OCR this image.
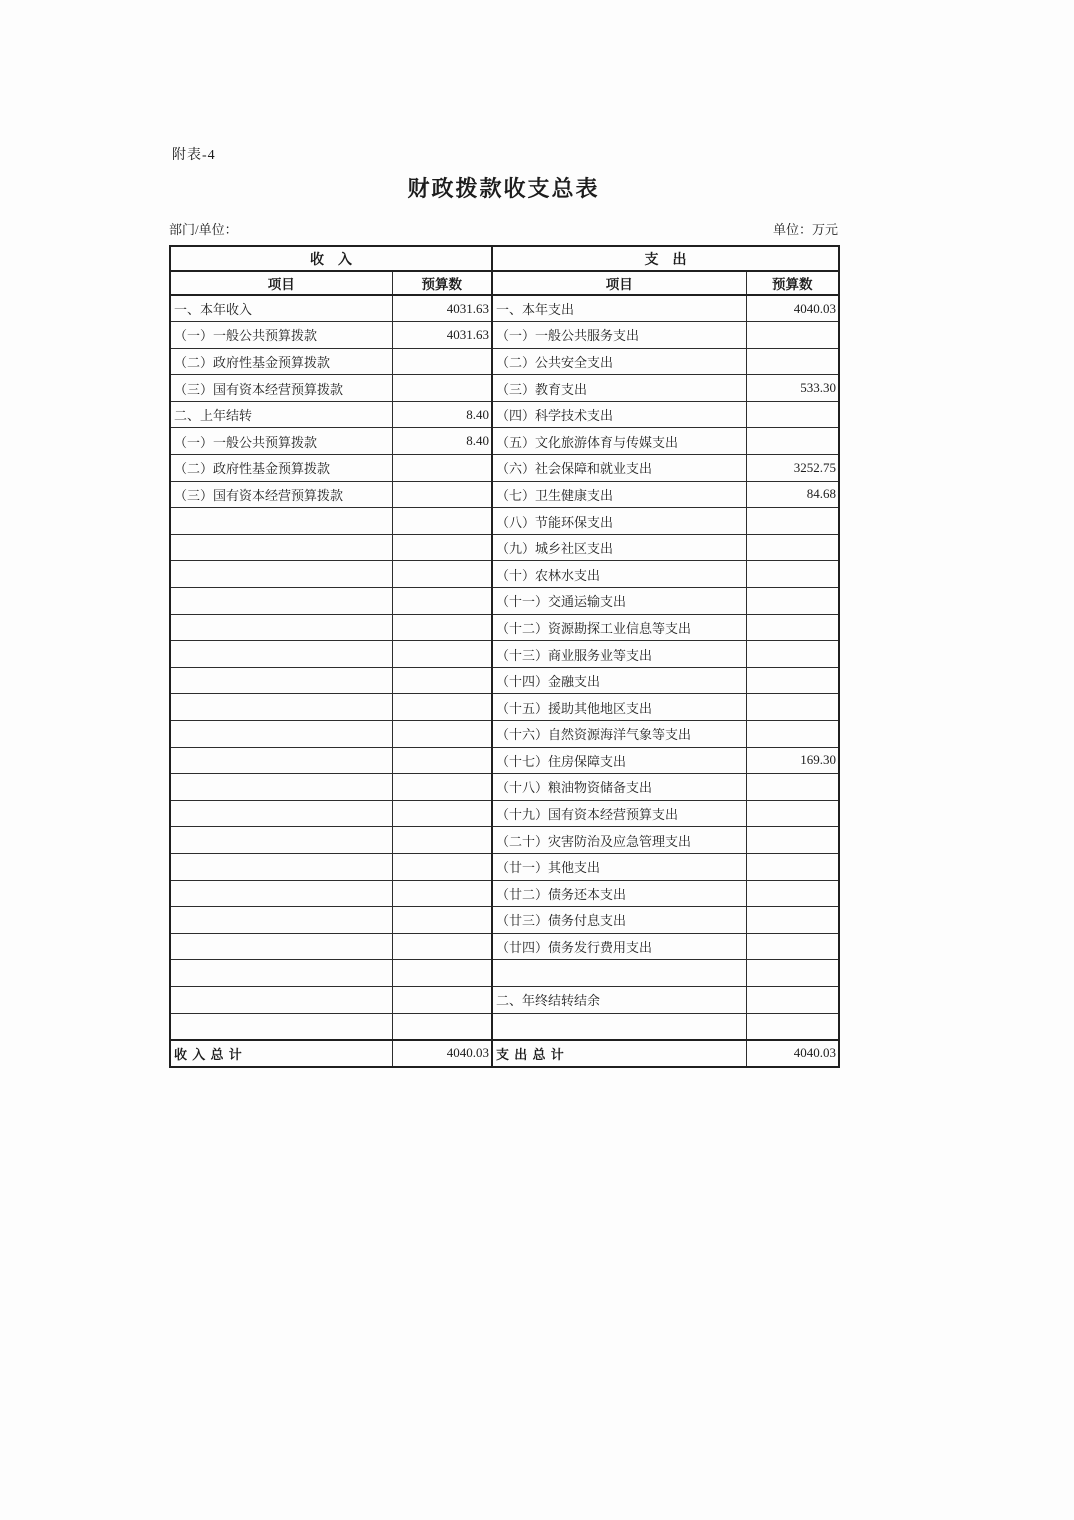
附表-4
财政拨款收支总表
部门/单位：	单位：万元
收　入		支　出	
项目	预算数	项目	预算数
一、本年收入	4031.63	一、本年支出	4040.03
（一）一般公共预算拨款	4031.63	（一）一般公共服务支出	
（二）政府性基金预算拨款		（二）公共安全支出	
（三）国有资本经营预算拨款		（三）教育支出	533.30
二、上年结转	8.40	（四）科学技术支出	
（一）一般公共预算拨款	8.40	（五）文化旅游体育与传媒支出	
（二）政府性基金预算拨款		（六）社会保障和就业支出	3252.75
（三）国有资本经营预算拨款		（七）卫生健康支出	84.68
		（八）节能环保支出	
		（九）城乡社区支出	
		（十）农林水支出	
		（十一）交通运输支出	
		（十二）资源勘探工业信息等支出	
		（十三）商业服务业等支出	
		（十四）金融支出	
		（十五）援助其他地区支出	
		（十六）自然资源海洋气象等支出	
		（十七）住房保障支出	169.30
		（十八）粮油物资储备支出	
		（十九）国有资本经营预算支出	
		（二十）灾害防治及应急管理支出	
		（廿一）其他支出	
		（廿二）债务还本支出	
		（廿三）债务付息支出	
		（廿四）债务发行费用支出	

		二、年终结转结余	

收 入 总 计	4040.03	支 出 总 计	4040.03
